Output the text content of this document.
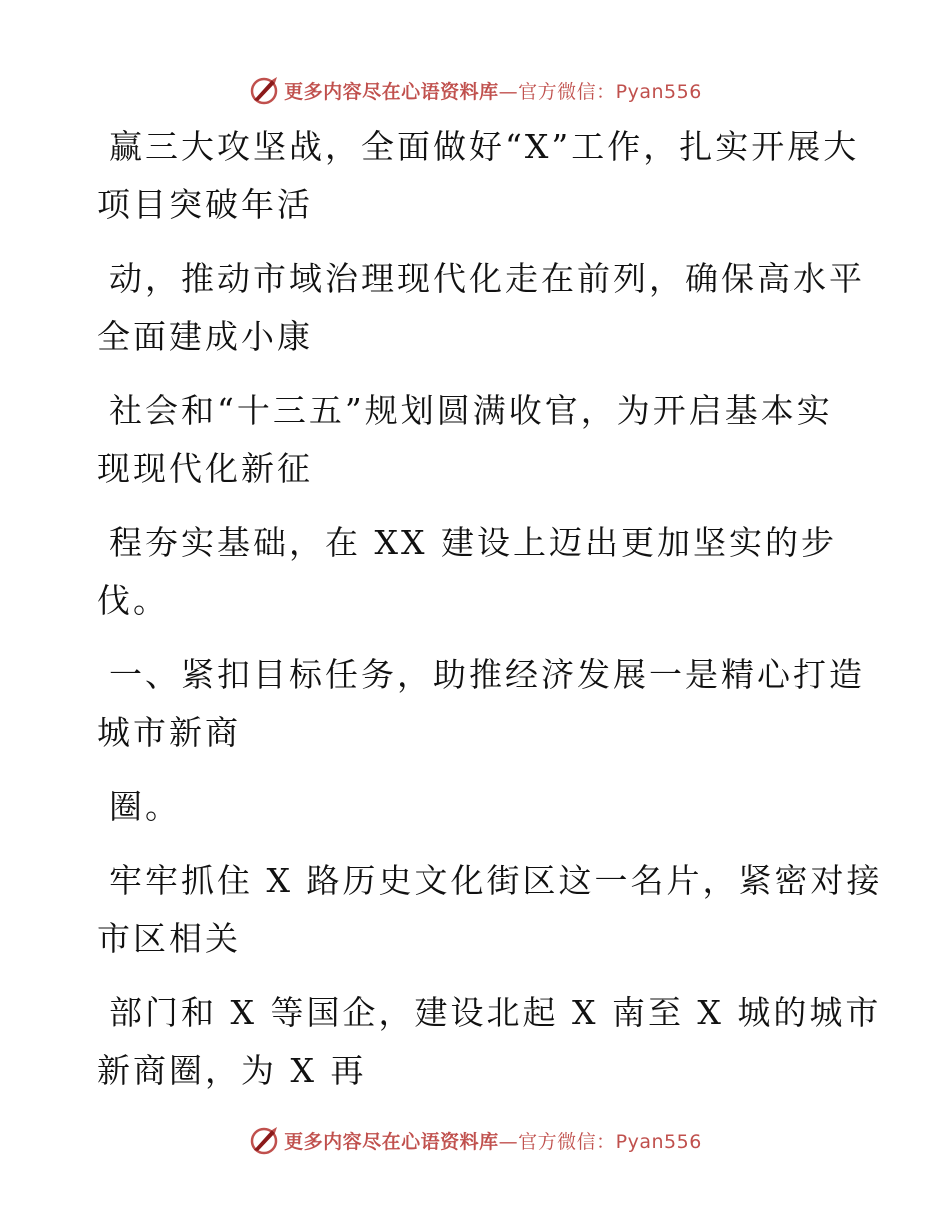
更多内容尽在心语资料库—官方微信：Pyan556

赢三大攻坚战，全面做好“X”工作，扎实开展大
项目突破年活

动，推动市域治理现代化走在前列，确保高水平
全面建成小康

社会和“十三五”规划圆满收官，为开启基本实
现现代化新征

程夯实基础，在 XX 建设上迈出更加坚实的步
伐。

一、紧扣目标任务，助推经济发展一是精心打造
城市新商

圈。

牢牢抓住 X 路历史文化街区这一名片，紧密对接
市区相关

部门和 X 等国企，建设北起 X 南至 X 城的城市
新商圈，为 X 再

更多内容尽在心语资料库—官方微信：Pyan556
